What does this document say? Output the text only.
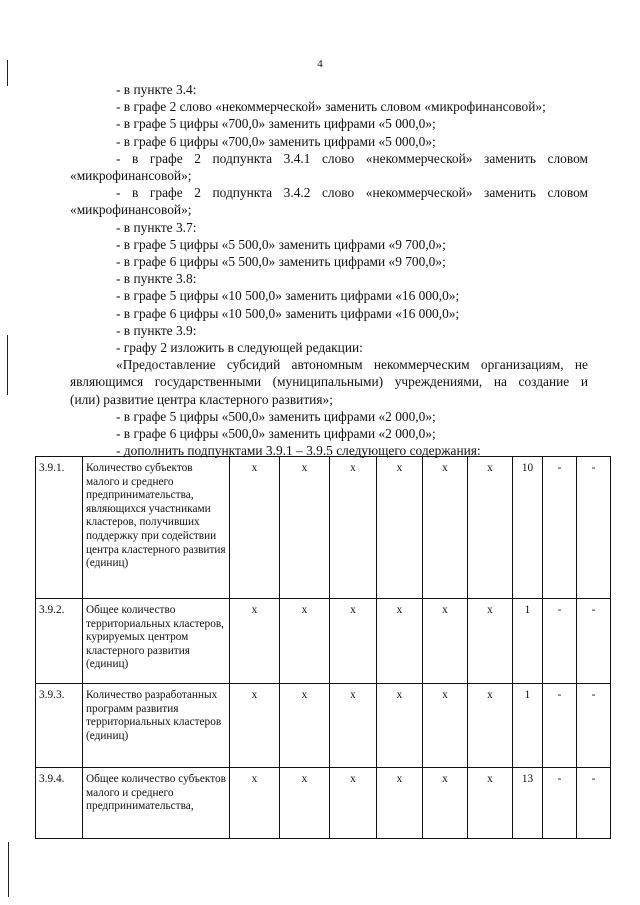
4

- в пункте 3.4:

- в графе 2 слово «некоммерческой» заменить словом «микрофинансовой»;

- в графе 5 цифры «700,0» заменить цифрами «5 000,0»;

- в графе 6 цифры «700,0» заменить цифрами «5 000,0»;

- в графе 2 подпункта 3.4.1 слово «некоммерческой» заменить словом

«микрофинансовой»;

- в графе 2 подпункта 3.4.2 слово «некоммерческой» заменить словом

«микрофинансовой»;

- в пункте 3.7:

- в графе 5 цифры «5 500,0» заменить цифрами «9 700,0»;

- в графе 6 цифры «5 500,0» заменить цифрами «9 700,0»;

- в пункте 3.8:

- в графе 5 цифры «10 500,0» заменить цифрами «16 000,0»;

- в графе 6 цифры «10 500,0» заменить цифрами «16 000,0»;

- в пункте 3.9:

- графу 2 изложить в следующей редакции:

«Предоставление субсидий автономным некоммерческим организациям, не

являющимся государственными (муниципальными) учреждениями, на создание и

(или) развитие центра кластерного развития»;

- в графе 5 цифры «500,0» заменить цифрами «2 000,0»;

- в графе 6 цифры «500,0» заменить цифрами «2 000,0»;

- дополнить подпунктами 3.9.1 – 3.9.5 следующего содержания:

3.9.1.	Количество субъектов малого и среднего предпринимательства, являющихся участниками кластеров, получивших поддержку при содействии центра кластерного развития (единиц)	x	x	x	x	x	x	10	-	-
3.9.2.	Общее количество территориальных кластеров, курируемых центром кластерного развития (единиц)	x	x	x	x	x	x	1	-	-
3.9.3.	Количество разработанных программ развития территориальных кластеров (единиц)	x	x	x	x	x	x	1	-	-
3.9.4.	Общее количество субъектов малого и среднего предпринимательства,	x	x	x	x	x	x	13	-	-
